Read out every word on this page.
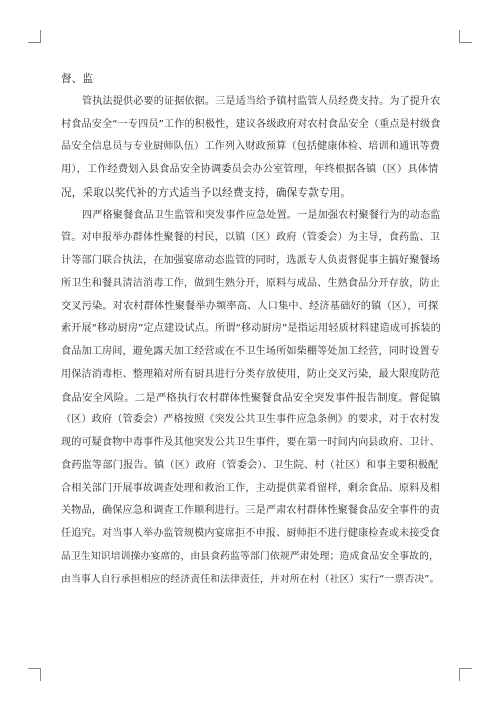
督、监
管执法提供必要的证据依据。三是适当给予镇村监管人员经费支持。为了提升农
村食品安全“一专四员”工作的积极性，建议各级政府对农村食品安全（重点是村级食
品安全信息员与专业厨师队伍）工作列入财政预算（包括健康体检、培训和通讯等费
用），工作经费划入县食品安全协调委员会办公室管理，年终根据各镇（区）具体情
况，采取以奖代补的方式适当予以经费支持，确保专款专用。
四严格聚餐食品卫生监管和突发事件应急处置。一是加强农村聚餐行为的动态监
管。对申报举办群体性聚餐的村民，以镇（区）政府（管委会）为主导，食药监、卫
计等部门联合执法，在加强宴席动态监管的同时，选派专人负责督促事主搞好聚餐场
所卫生和餐具清洁消毒工作，做到生熟分开，原料与成品、生熟食品分开存放，防止
交叉污染。对农村群体性聚餐举办频率高、人口集中、经济基础好的镇（区），可探
索开展“移动厨房”定点建设试点。所谓“移动厨房”是指运用轻质材料建造成可拆装的
食品加工房间，避免露天加工经营或在不卫生场所如柴棚等处加工经营，同时设置专
用保洁消毒柜、整理箱对所有厨具进行分类存放使用，防止交叉污染，最大限度防范
食品安全风险。二是严格执行农村群体性聚餐食品安全突发事件报告制度。督促镇
（区）政府（管委会）严格按照《突发公共卫生事件应急条例》的要求，对于农村发
现的可疑食物中毒事件及其他突发公共卫生事件，要在第一时间内向县政府、卫计、
食药监等部门报告。镇（区）政府（管委会）、卫生院、村（社区）和事主要积极配
合相关部门开展事故调查处理和救治工作，主动提供菜肴留样，剩余食品、原料及相
关物品，确保应急和调查工作顺利进行。三是严肃农村群体性聚餐食品安全事件的责
任追究。对当事人举办监管规模内宴席拒不申报、厨师拒不进行健康检查或未接受食
品卫生知识培训操办宴席的，由县食药监等部门依规严肃处理；造成食品安全事故的，
由当事人自行承担相应的经济责任和法律责任，并对所在村（社区）实行“一票否决”。
